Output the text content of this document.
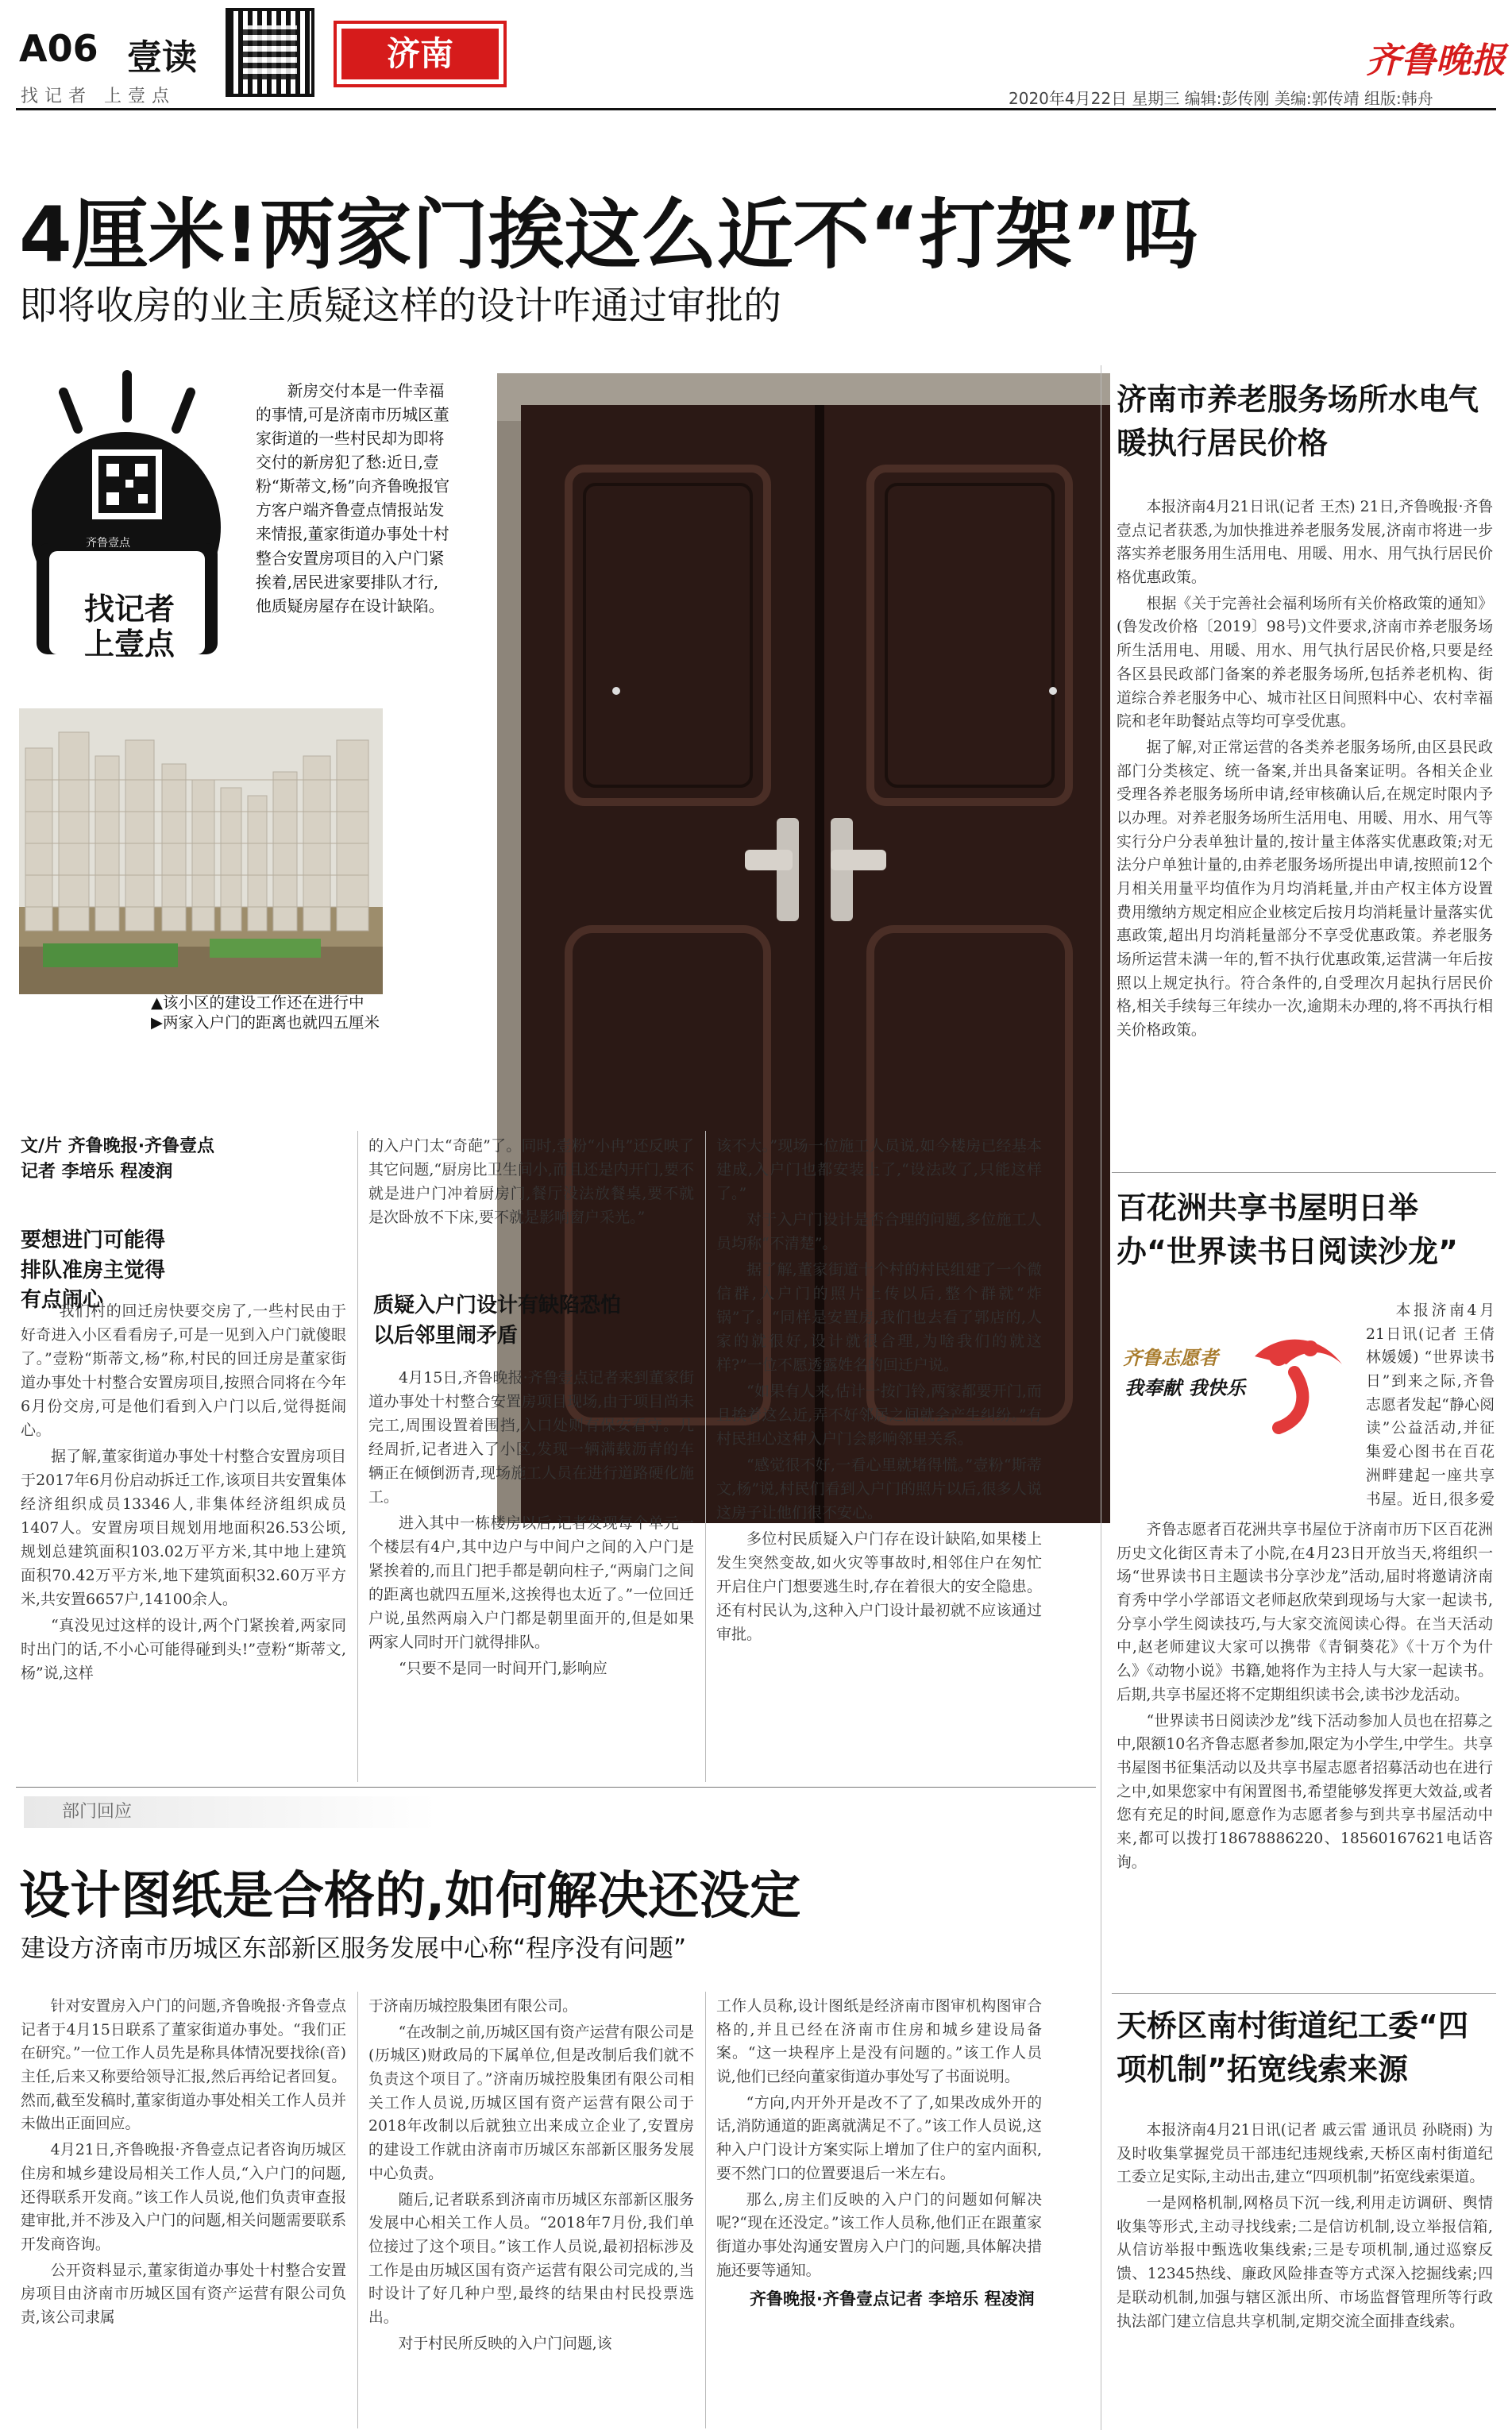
A06 壹读
找记者 上壹点
济南	齐鲁晚报
2020年4月22日 星期三 编辑:彭传刚 美编:郭传靖 组版:韩舟
4厘米!两家门挨这么近不“打架”吗
即将收房的业主质疑这样的设计咋通过审批的
齐鲁壹点
找记者
上壹点
新房交付本是一件幸福的事情,可是济南市历城区董家街道的一些村民却为即将交付的新房犯了愁:近日,壹粉“斯蒂文,杨”向齐鲁晚报官方客户端齐鲁壹点情报站发来情报,董家街道办事处十村整合安置房项目的入户门紧挨着,居民进家要排队才行,他质疑房屋存在设计缺陷。
▲该小区的建设工作还在进行中
▶两家入户门的距离也就四五厘米
文/片 齐鲁晚报·齐鲁壹点
记者 李培乐 程凌润
要想进门可能得排队准房主觉得有点闹心

“我们村的回迁房快要交房了,一些村民由于好奇进入小区看看房子,可是一见到入户门就傻眼了。”壹粉“斯蒂文,杨”称,村民的回迁房是董家街道办事处十村整合安置房项目,按照合同将在今年6月份交房,可是他们看到入户门以后,觉得挺闹心。

据了解,董家街道办事处十村整合安置房项目于2017年6月份启动拆迁工作,该项目共安置集体经济组织成员13346人,非集体经济组织成员1407人。安置房项目规划用地面积26.53公顷,规划总建筑面积103.02万平方米,其中地上建筑面积70.42万平方米,地下建筑面积32.60万平方米,共安置6657户,14100余人。

“真没见过这样的设计,两个门紧挨着,两家同时出门的话,不小心可能得碰到头!”壹粉“斯蒂文,杨”说,这样

的入户门太“奇葩”了。同时,壹粉“小冉”还反映了其它问题,“厨房比卫生间小,而且还是内开门,要不就是进户门冲着厨房门,餐厅没法放餐桌,要不就是次卧放不下床,要不就是影响窗户采光。”

质疑入户门设计有缺陷恐怕以后邻里闹矛盾

4月15日,齐鲁晚报·齐鲁壹点记者来到董家街道办事处十村整合安置房项目现场,由于项目尚未完工,周围设置着围挡,入口处则有保安看守。几经周折,记者进入了小区,发现一辆满载沥青的车辆正在倾倒沥青,现场施工人员在进行道路硬化施工。

进入其中一栋楼房以后,记者发现每个单元一个楼层有4户,其中边户与中间户之间的入户门是紧挨着的,而且门把手都是朝向柱子,“两扇门之间的距离也就四五厘米,这挨得也太近了。”一位回迁户说,虽然两扇入户门都是朝里面开的,但是如果两家人同时开门就得排队。

“只要不是同一时间开门,影响应

该不大。”现场一位施工人员说,如今楼房已经基本建成,入户门也都安装上了,“设法改了,只能这样了。”

对于入户门设计是否合理的问题,多位施工人员均称“不清楚”。

据了解,董家街道十个村的村民组建了一个微信群,入户门的照片上传以后,整个群就“炸锅”了。“同样是安置房,我们也去看了郭店的,人家的就很好,设计就很合理,为啥我们的就这样?”一位不愿透露姓名的回迁户说。

“如果有人来,估计一按门铃,两家都要开门,而且挨着这么近,弄不好邻居之间就会产生纠纷。”有村民担心这种入户门会影响邻里关系。

“感觉很不好,一看心里就堵得慌。”壹粉“斯蒂文,杨”说,村民们看到入户门的照片以后,很多人说这房子让他们很不安心。

多位村民质疑入户门存在设计缺陷,如果楼上发生突然变故,如火灾等事故时,相邻住户在匆忙开启住户门想要逃生时,存在着很大的安全隐患。还有村民认为,这种入户门设计最初就不应该通过审批。

济南市养老服务场所水电气暖执行居民价格

本报济南4月21日讯(记者 王杰) 21日,齐鲁晚报·齐鲁壹点记者获悉,为加快推进养老服务发展,济南市将进一步落实养老服务用生活用电、用暖、用水、用气执行居民价格优惠政策。

根据《关于完善社会福利场所有关价格政策的通知》(鲁发改价格〔2019〕98号)文件要求,济南市养老服务场所生活用电、用暖、用水、用气执行居民价格,只要是经各区县民政部门备案的养老服务场所,包括养老机构、街道综合养老服务中心、城市社区日间照料中心、农村幸福院和老年助餐站点等均可享受优惠。

据了解,对正常运营的各类养老服务场所,由区县民政部门分类核定、统一备案,并出具备案证明。各相关企业受理各养老服务场所申请,经审核确认后,在规定时限内予以办理。对养老服务场所生活用电、用暖、用水、用气等实行分户分表单独计量的,按计量主体落实优惠政策;对无法分户单独计量的,由养老服务场所提出申请,按照前12个月相关用量平均值作为月均消耗量,并由产权主体方设置费用缴纳方规定相应企业核定后按月均消耗量计量落实优惠政策,超出月均消耗量部分不享受优惠政策。养老服务场所运营未满一年的,暂不执行优惠政策,运营满一年后按照以上规定执行。符合条件的,自受理次月起执行居民价格,相关手续每三年续办一次,逾期未办理的,将不再执行相关价格政策。

百花洲共享书屋明日举办“世界读书日阅读沙龙”
齐鲁志愿者
我奉献 我快乐

本报济南4月21日讯(记者 王倩 林媛媛) “世界读书日”到来之际,齐鲁志愿者发起“静心阅读”公益活动,并征集爱心图书在百花洲畔建起一座共享书屋。近日,很多爱

齐鲁志愿者百花洲共享书屋位于济南市历下区百花洲历史文化街区青未了小院,在4月23日开放当天,将组织一场“世界读书日主题读书分享沙龙”活动,届时将邀请济南育秀中学小学部语文老师赵欣荣到现场与大家一起读书,分享小学生阅读技巧,与大家交流阅读心得。在当天活动中,赵老师建议大家可以携带《青铜葵花》《十万个为什么》《动物小说》书籍,她将作为主持人与大家一起读书。后期,共享书屋还将不定期组织读书会,读书沙龙活动。

“世界读书日阅读沙龙”线下活动参加人员也在招募之中,限额10名齐鲁志愿者参加,限定为小学生,中学生。共享书屋图书征集活动以及共享书屋志愿者招募活动也在进行之中,如果您家中有闲置图书,希望能够发挥更大效益,或者您有充足的时间,愿意作为志愿者参与到共享书屋活动中来,都可以拨打18678886220、18560167621电话咨询。

天桥区南村街道纪工委“四项机制”拓宽线索来源

本报济南4月21日讯(记者 戚云雷 通讯员 孙晓雨) 为及时收集掌握党员干部违纪违规线索,天桥区南村街道纪工委立足实际,主动出击,建立“四项机制”拓宽线索渠道。

一是网格机制,网格员下沉一线,利用走访调研、舆情收集等形式,主动寻找线索;二是信访机制,设立举报信箱,从信访举报中甄选收集线索;三是专项机制,通过巡察反馈、12345热线、廉政风险排查等方式深入挖掘线索;四是联动机制,加强与辖区派出所、市场监督管理所等行政执法部门建立信息共享机制,定期交流全面排查线索。

部门回应
设计图纸是合格的,如何解决还没定
建设方济南市历城区东部新区服务发展中心称“程序没有问题”

针对安置房入户门的问题,齐鲁晚报·齐鲁壹点记者于4月15日联系了董家街道办事处。“我们正在研究。”一位工作人员先是称具体情况要找徐(音)主任,后来又称要给领导汇报,然后再给记者回复。然而,截至发稿时,董家街道办事处相关工作人员并未做出正面回应。

4月21日,齐鲁晚报·齐鲁壹点记者咨询历城区住房和城乡建设局相关工作人员,“入户门的问题,还得联系开发商。”该工作人员说,他们负责审查报建审批,并不涉及入户门的问题,相关问题需要联系开发商咨询。

公开资料显示,董家街道办事处十村整合安置房项目由济南市历城区国有资产运营有限公司负责,该公司隶属

于济南历城控股集团有限公司。

“在改制之前,历城区国有资产运营有限公司是(历城区)财政局的下属单位,但是改制后我们就不负责这个项目了。”济南历城控股集团有限公司相关工作人员说,历城区国有资产运营有限公司于2018年改制以后就独立出来成立企业了,安置房的建设工作就由济南市历城区东部新区服务发展中心负责。

随后,记者联系到济南市历城区东部新区服务发展中心相关工作人员。“2018年7月份,我们单位接过了这个项目。”该工作人员说,最初招标涉及工作是由历城区国有资产运营有限公司完成的,当时设计了好几种户型,最终的结果由村民投票选出。

对于村民所反映的入户门问题,该

工作人员称,设计图纸是经济南市图审机构图审合格的,并且已经在济南市住房和城乡建设局备案。“这一块程序上是没有问题的。”该工作人员说,他们已经向董家街道办事处写了书面说明。

“方向,内开外开是改不了了,如果改成外开的话,消防通道的距离就满足不了。”该工作人员说,这种入户门设计方案实际上增加了住户的室内面积,要不然门口的位置要退后一米左右。

那么,房主们反映的入户门的问题如何解决呢?“现在还没定。”该工作人员称,他们正在跟董家街道办事处沟通安置房入户门的问题,具体解决措施还要等通知。

齐鲁晚报·齐鲁壹点记者 李培乐 程凌润
